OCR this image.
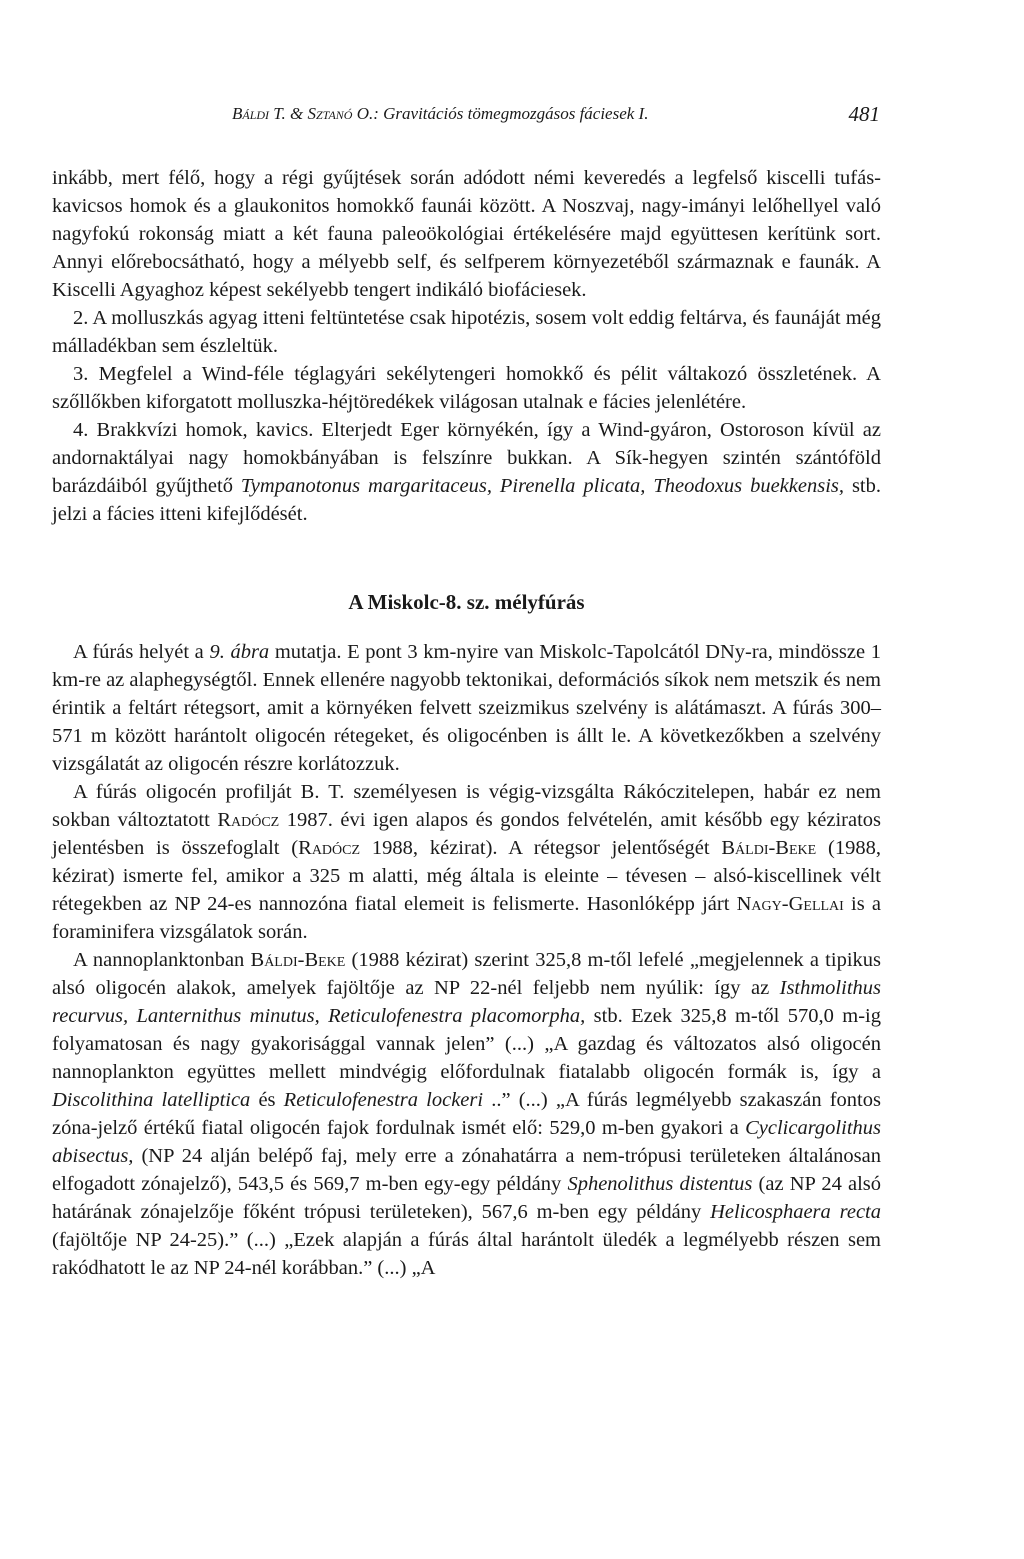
Báldi T. & Sztanó O.: Gravitációs tömegmozgásos fáciesek I.	481

inkább, mert félő, hogy a régi gyűjtések során adódott némi keveredés a legfelső kiscelli tufás-kavicsos homok és a glaukonitos homokkő faunái között. A Noszvaj, nagy-imányi lelőhellyel való nagyfokú rokonság miatt a két fauna paleoökológiai értékelésére majd együttesen kerítünk sort. Annyi előrebocsátható, hogy a mélyebb self, és selfperem környezetéből származnak e faunák. A Kiscelli Agyaghoz képest sekélyebb tengert indikáló biofáciesek.

2. A molluszkás agyag itteni feltüntetése csak hipotézis, sosem volt eddig feltárva, és faunáját még málladékban sem észleltük.

3. Megfelel a Wind-féle téglagyári sekélytengeri homokkő és pélit váltakozó összletének. A szőllőkben kiforgatott molluszka-héjtöredékek világosan utalnak e fácies jelenlétére.

4. Brakkvízi homok, kavics. Elterjedt Eger környékén, így a Wind-gyáron, Ostoroson kívül az andornaktályai nagy homokbányában is felszínre bukkan. A Sík-hegyen szintén szántóföld barázdáiból gyűjthető Tympanotonus margaritaceus, Pirenella plicata, Theodoxus buekkensis, stb. jelzi a fácies itteni kifejlődését.

A Miskolc-8. sz. mélyfúrás

A fúrás helyét a 9. ábra mutatja. E pont 3 km-nyire van Miskolc-Tapolcától DNy-ra, mindössze 1 km-re az alaphegységtől. Ennek ellenére nagyobb tektonikai, deformációs síkok nem metszik és nem érintik a feltárt rétegsort, amit a környéken felvett szeizmikus szelvény is alátámaszt. A fúrás 300–571 m között harántolt oligocén rétegeket, és oligocénben is állt le. A következőkben a szelvény vizsgálatát az oligocén részre korlátozzuk.

A fúrás oligocén profilját B. T. személyesen is végig-vizsgálta Rákóczitelepen, habár ez nem sokban változtatott Radócz 1987. évi igen alapos és gondos felvételén, amit később egy kéziratos jelentésben is összefoglalt (Radócz 1988, kézirat). A rétegsor jelentőségét Báldi-Beke (1988, kézirat) ismerte fel, amikor a 325 m alatti, még általa is eleinte – tévesen – alsó-kiscellinek vélt rétegekben az NP 24-es nannozóna fiatal elemeit is felismerte. Hasonlóképp járt Nagy-Gellai is a foraminifera vizsgálatok során.

A nannoplanktonban Báldi-Beke (1988 kézirat) szerint 325,8 m-től lefelé „megjelennek a tipikus alsó oligocén alakok, amelyek fajöltője az NP 22-nél feljebb nem nyúlik: így az Isthmolithus recurvus, Lanternithus minutus, Reticulofenestra placomorpha, stb. Ezek 325,8 m-től 570,0 m-ig folyamatosan és nagy gyakorisággal vannak jelen” (...) „A gazdag és változatos alsó oligocén nannoplankton együttes mellett mindvégig előfordulnak fiatalabb oligocén formák is, így a Discolithina latelliptica és Reticulofenestra lockeri ..” (...) „A fúrás legmélyebb szakaszán fontos zóna-jelző értékű fiatal oligocén fajok fordulnak ismét elő: 529,0 m-ben gyakori a Cyclicargolithus abisectus, (NP 24 alján belépő faj, mely erre a zónahatárra a nem-trópusi területeken általánosan elfogadott zónajelző), 543,5 és 569,7 m-ben egy-egy példány Sphenolithus distentus (az NP 24 alsó határának zónajelzője főként trópusi területeken), 567,6 m-ben egy példány Helicosphaera recta (fajöltője NP 24-25).” (...) „Ezek alapján a fúrás által harántolt üledék a legmélyebb részen sem rakódhatott le az NP 24-nél korábban.” (...) „A
